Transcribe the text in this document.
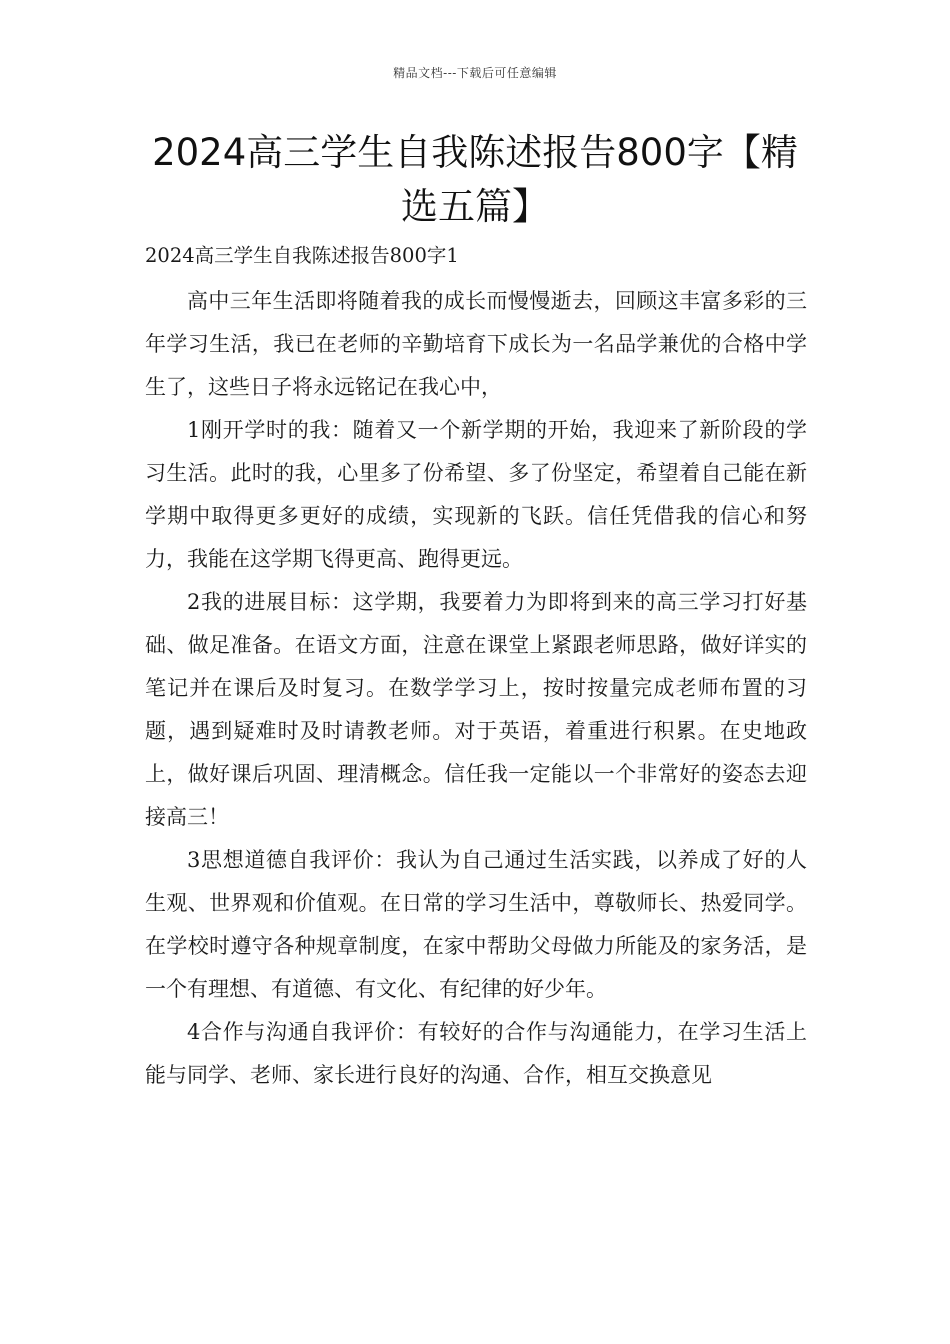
精品文档---下载后可任意编辑
2024高三学生自我陈述报告800字【精选五篇】
2024高三学生自我陈述报告800字1

高中三年生活即将随着我的成长而慢慢逝去，回顾这丰富多彩的三年学习生活，我已在老师的辛勤培育下成长为一名品学兼优的合格中学生了，这些日子将永远铭记在我心中，

1刚开学时的我：随着又一个新学期的开始，我迎来了新阶段的学习生活。此时的我，心里多了份希望、多了份坚定，希望着自己能在新学期中取得更多更好的成绩，实现新的飞跃。信任凭借我的信心和努力，我能在这学期飞得更高、跑得更远。

2我的进展目标：这学期，我要着力为即将到来的高三学习打好基础、做足准备。在语文方面，注意在课堂上紧跟老师思路，做好详实的笔记并在课后及时复习。在数学学习上，按时按量完成老师布置的习题，遇到疑难时及时请教老师。对于英语，着重进行积累。在史地政上，做好课后巩固、理清概念。信任我一定能以一个非常好的姿态去迎接高三！

3思想道德自我评价：我认为自己通过生活实践，以养成了好的人生观、世界观和价值观。在日常的学习生活中，尊敬师长、热爱同学。在学校时遵守各种规章制度，在家中帮助父母做力所能及的家务活，是一个有理想、有道德、有文化、有纪律的好少年。

4合作与沟通自我评价：有较好的合作与沟通能力，在学习生活上能与同学、老师、家长进行良好的沟通、合作，相互交换意见
